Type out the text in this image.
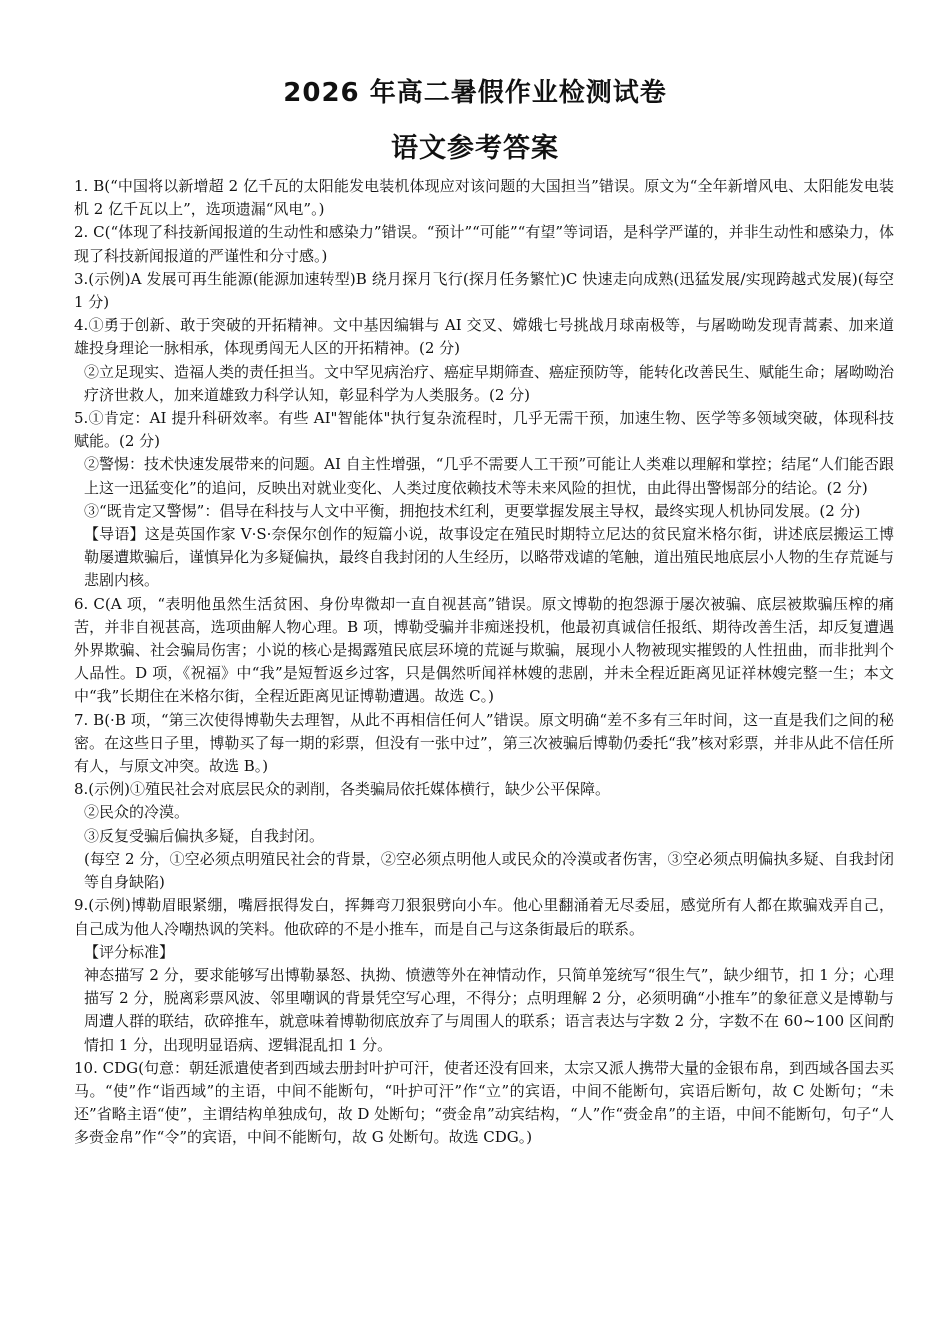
2026 年高二暑假作业检测试卷
语文参考答案

1. B(“中国将以新增超 2 亿千瓦的太阳能发电装机体现应对该问题的大国担当”错误。原文为“全年新增风电、太阳能发电装机 2 亿千瓦以上”，选项遗漏“风电”。)

2. C(“体现了科技新闻报道的生动性和感染力”错误。“预计”“可能”“有望”等词语，是科学严谨的，并非生动性和感染力，体现了科技新闻报道的严谨性和分寸感。)

3.(示例)A 发展可再生能源(能源加速转型)B 绕月探月飞行(探月任务繁忙)C 快速走向成熟(迅猛发展/实现跨越式发展)(每空 1 分)

4.①勇于创新、敢于突破的开拓精神。文中基因编辑与 AI 交叉、嫦娥七号挑战月球南极等，与屠呦呦发现青蒿素、加来道雄投身理论一脉相承，体现勇闯无人区的开拓精神。(2 分)

②立足现实、造福人类的责任担当。文中罕见病治疗、癌症早期筛查、癌症预防等，能转化改善民生、赋能生命；屠呦呦治疗济世救人，加来道雄致力科学认知，彰显科学为人类服务。(2 分)

5.①肯定：AI 提升科研效率。有些 AI"智能体"执行复杂流程时，几乎无需干预，加速生物、医学等多领域突破，体现科技赋能。(2 分)

②警惕：技术快速发展带来的问题。AI 自主性增强，“几乎不需要人工干预”可能让人类难以理解和掌控；结尾“人们能否跟上这一迅猛变化”的追问，反映出对就业变化、人类过度依赖技术等未来风险的担忧，由此得出警惕部分的结论。(2 分)

③“既肯定又警惕”：倡导在科技与人文中平衡，拥抱技术红利，更要掌握发展主导权，最终实现人机协同发展。(2 分)

【导语】这是英国作家 V·S·奈保尔创作的短篇小说，故事设定在殖民时期特立尼达的贫民窟米格尔街，讲述底层搬运工博勒屡遭欺骗后，谨慎异化为多疑偏执，最终自我封闭的人生经历，以略带戏谑的笔触，道出殖民地底层小人物的生存荒诞与悲剧内核。

6. C(A 项，“表明他虽然生活贫困、身份卑微却一直自视甚高”错误。原文博勒的抱怨源于屡次被骗、底层被欺骗压榨的痛苦，并非自视甚高，选项曲解人物心理。B 项，博勒受骗并非痴迷投机，他最初真诚信任报纸、期待改善生活，却反复遭遇外界欺骗、社会骗局伤害；小说的核心是揭露殖民底层环境的荒诞与欺骗，展现小人物被现实摧毁的人性扭曲，而非批判个人品性。D 项，《祝福》中“我”是短暂返乡过客，只是偶然听闻祥林嫂的悲剧，并未全程近距离见证祥林嫂完整一生；本文中“我”长期住在米格尔街，全程近距离见证博勒遭遇。故选 C。)

7. B(·B 项，“第三次使得博勒失去理智，从此不再相信任何人”错误。原文明确“差不多有三年时间，这一直是我们之间的秘密。在这些日子里，博勒买了每一期的彩票，但没有一张中过”，第三次被骗后博勒仍委托“我”核对彩票，并非从此不信任所有人，与原文冲突。故选 B。)

8.(示例)①殖民社会对底层民众的剥削，各类骗局依托媒体横行，缺少公平保障。

②民众的冷漠。

③反复受骗后偏执多疑，自我封闭。

(每空 2 分，①空必须点明殖民社会的背景，②空必须点明他人或民众的冷漠或者伤害，③空必须点明偏执多疑、自我封闭等自身缺陷)

9.(示例)博勒眉眼紧绷，嘴唇抿得发白，挥舞弯刀狠狠劈向小车。他心里翻涌着无尽委屈，感觉所有人都在欺骗戏弄自己，自己成为他人冷嘲热讽的笑料。他砍碎的不是小推车，而是自己与这条街最后的联系。

【评分标准】

神态描写 2 分，要求能够写出博勒暴怒、执拗、愤懑等外在神情动作，只简单笼统写“很生气”，缺少细节，扣 1 分；心理描写 2 分，脱离彩票风波、邻里嘲讽的背景凭空写心理，不得分；点明理解 2 分，必须明确“小推车”的象征意义是博勒与周遭人群的联结，砍碎推车，就意味着博勒彻底放弃了与周围人的联系；语言表达与字数 2 分，字数不在 60~100 区间酌情扣 1 分，出现明显语病、逻辑混乱扣 1 分。

10. CDG(句意：朝廷派遣使者到西域去册封叶护可汗，使者还没有回来，太宗又派人携带大量的金银布帛，到西域各国去买马。“使”作“诣西域”的主语，中间不能断句，“叶护可汗”作“立”的宾语，中间不能断句，宾语后断句，故 C 处断句；“未还”省略主语“使”，主谓结构单独成句，故 D 处断句；“赍金帛”动宾结构，“人”作“赍金帛”的主语，中间不能断句，句子“人多赍金帛”作“令”的宾语，中间不能断句，故 G 处断句。故选 CDG。)
